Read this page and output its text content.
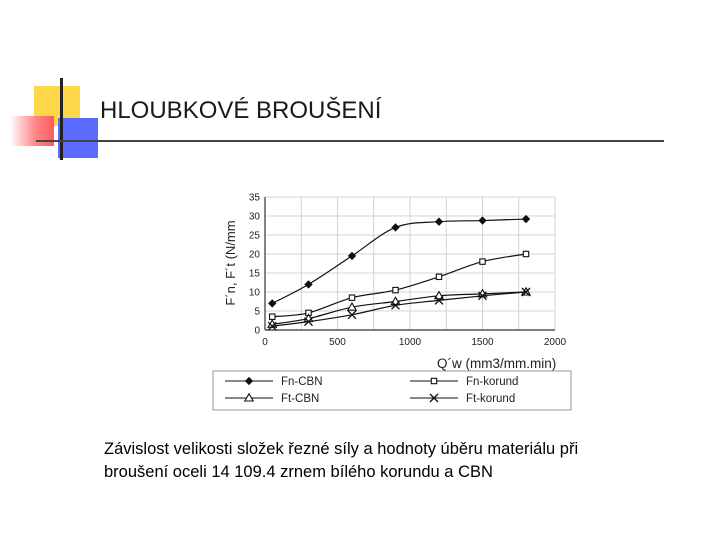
HLOUBKOVÉ BROUŠENÍ
0
5
10
15
20
25
30
35
0	500	1000	1500	2000
F´n, F´t (N/mm
Q´w (mm3/mm.min)
Fn-CBN	Fn-korund
Ft-CBN	Ft-korund
Závislost velikosti složek řezné síly a hodnoty úběru materiálu při
broušení oceli 14 109.4 zrnem bílého korundu a CBN
